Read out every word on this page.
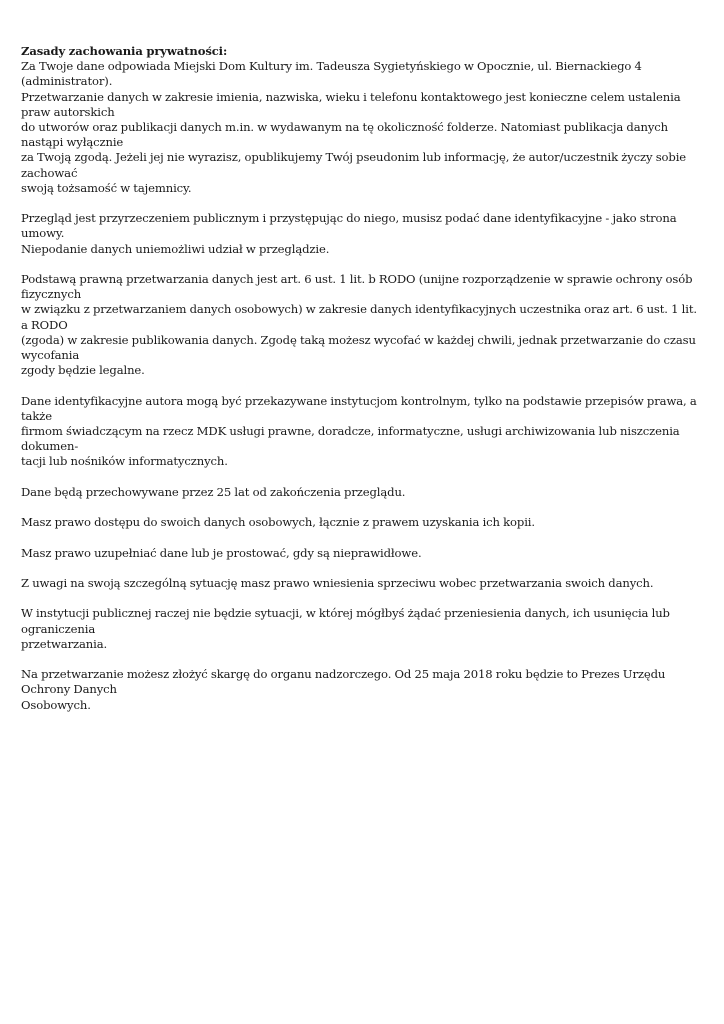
Zasady zachowania prywatności:

Za Twoje dane odpowiada Miejski Dom Kultury im. Tadeusza Sygietyńskiego w Opocznie, ul. Biernackiego 4 (administrator).
Przetwarzanie danych w zakresie imienia, nazwiska, wieku i telefonu kontaktowego jest konieczne celem ustalenia praw autorskich
do utworów oraz publikacji danych m.in. w wydawanym na tę okoliczność folderze. Natomiast publikacja danych nastąpi wyłącznie
za Twoją zgodą. Jeżeli jej nie wyrazisz, opublikujemy Twój pseudonim lub informację, że autor/uczestnik życzy sobie zachować
swoją tożsamość w tajemnicy.

Przegląd jest przyrzeczeniem publicznym i przystępując do niego, musisz podać dane identyfikacyjne - jako strona umowy.
Niepodanie danych uniemożliwi udział w przeglądzie.

Podstawą prawną przetwarzania danych jest art. 6 ust. 1 lit. b RODO (unijne rozporządzenie w sprawie ochrony osób fizycznych
w związku z przetwarzaniem danych osobowych) w zakresie danych identyfikacyjnych uczestnika oraz art. 6 ust. 1 lit. a RODO
(zgoda) w zakresie publikowania danych. Zgodę taką możesz wycofać w każdej chwili, jednak przetwarzanie do czasu wycofania
zgody będzie legalne.

Dane identyfikacyjne autora mogą być przekazywane instytucjom kontrolnym, tylko na podstawie przepisów prawa, a także
firmom świadczącym na rzecz MDK usługi prawne, doradcze, informatyczne, usługi archiwizowania lub niszczenia dokumen-
tacji lub nośników informatycznych.

Dane będą przechowywane przez 25 lat od zakończenia przeglądu.

Masz prawo dostępu do swoich danych osobowych, łącznie z prawem uzyskania ich kopii.

Masz prawo uzupełniać dane lub je prostować, gdy są nieprawidłowe.

Z uwagi na swoją szczególną sytuację masz prawo wniesienia sprzeciwu wobec przetwarzania swoich danych.

W instytucji publicznej raczej nie będzie sytuacji, w której mógłbyś żądać przeniesienia danych, ich usunięcia lub ograniczenia
przetwarzania.

Na przetwarzanie możesz złożyć skargę do organu nadzorczego. Od 25 maja 2018 roku będzie to Prezes Urzędu Ochrony Danych
Osobowych.
